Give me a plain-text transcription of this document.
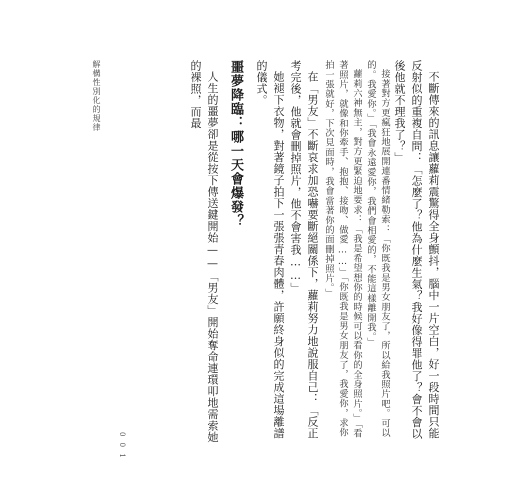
解構性別化的規律	不斷傳來的訊息讓蘿莉震驚得全身顫抖，腦中一片空白，好一段時間只能反射似的重複自問：「怎麼了？他為什麼生氣？我好像得罪他了？會不會以後他就不理我了？」

接著對方更瘋狂地展開連番情緒勒索：「你既我是男女朋友了，所以給我照片吧。可以的。我愛你。」「我會永遠愛你，我們會相愛的，不能這樣離開我。」

蘿莉六神無主，對方更緊迫地要求：「我是希望想你的時候可以看你的全身照片。」「看著照片，就像和你牽手、抱抱、接吻、做愛……」「你既我是男女朋友了，我愛你，求你拍一張就好，下次見面時，我會當著你的面刪掉照片。」

在「男友」不斷哀求加恐嚇要斷絕關係下，蘿莉努力地說服自己：「反正考完後，他就會刪掉照片，他不會害我……」

她褪下衣物，對著鏡子拍下一張張青春肉體，許願終身似的完成這場離譜的儀式。

噩夢降臨：哪一天會爆發？

人生的噩夢卻是從按下傳送鍵開始——「男友」開始奪命連環叩地需索她的裸照，而最

0 0 1
